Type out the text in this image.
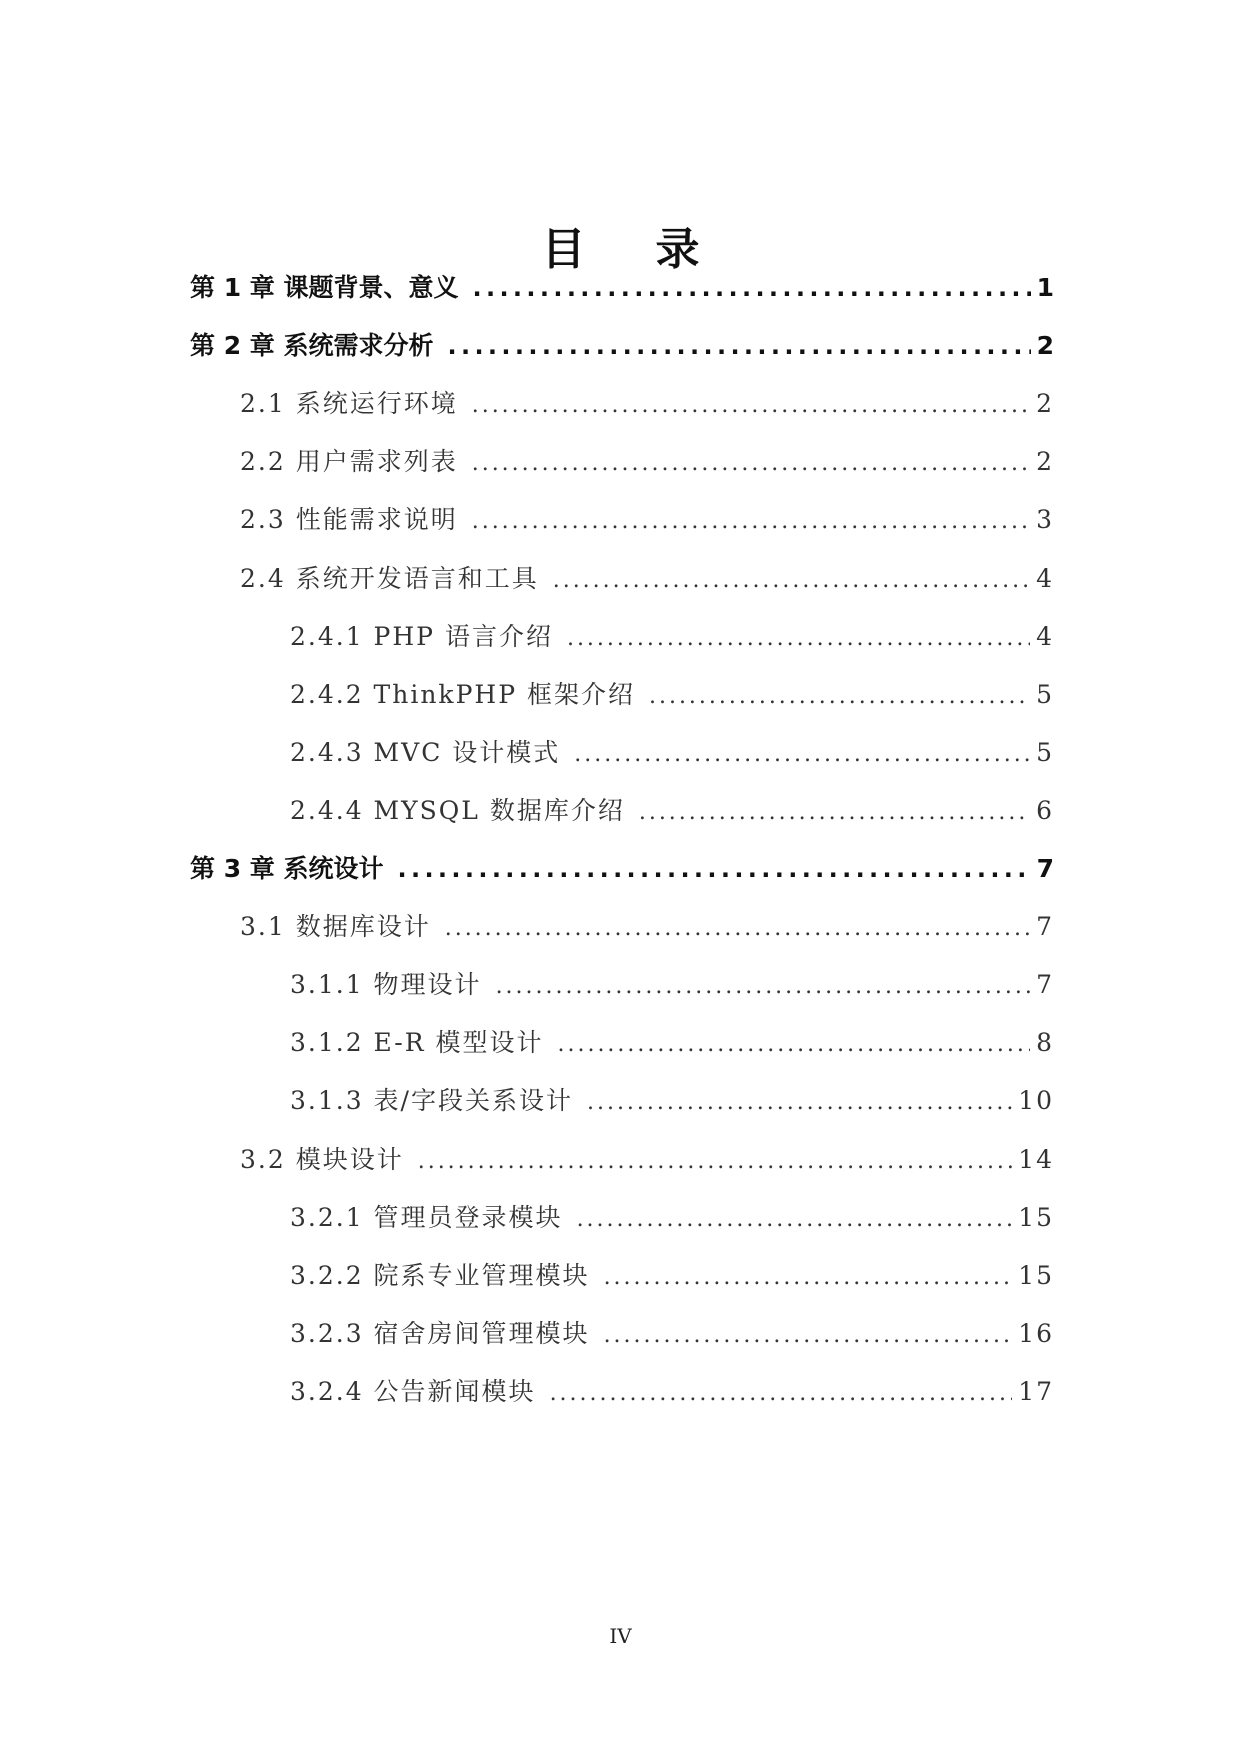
目 录
第 1 章 课题背景、意义 . . .	1
第 2 章 系统需求分析 . . .	2
2.1 系统运行环境 . . .	2
2.2 用户需求列表 . . .	2
2.3 性能需求说明 . . .	3
2.4 系统开发语言和工具 . . .	4
2.4.1 PHP 语言介绍 . . .	4
2.4.2 ThinkPHP 框架介绍 . . .	5
2.4.3 MVC 设计模式 . . .	5
2.4.4 MYSQL 数据库介绍 . . .	6
第 3 章 系统设计 . . .	7
3.1 数据库设计 . . .	7
3.1.1 物理设计 . . .	7
3.1.2 E-R 模型设计 . . .	8
3.1.3 表/字段关系设计 . . .	10
3.2 模块设计 . . .	14
3.2.1 管理员登录模块 . . .	15
3.2.2 院系专业管理模块 . . .	15
3.2.3 宿舍房间管理模块 . . .	16
3.2.4 公告新闻模块 . . .	17
IV
